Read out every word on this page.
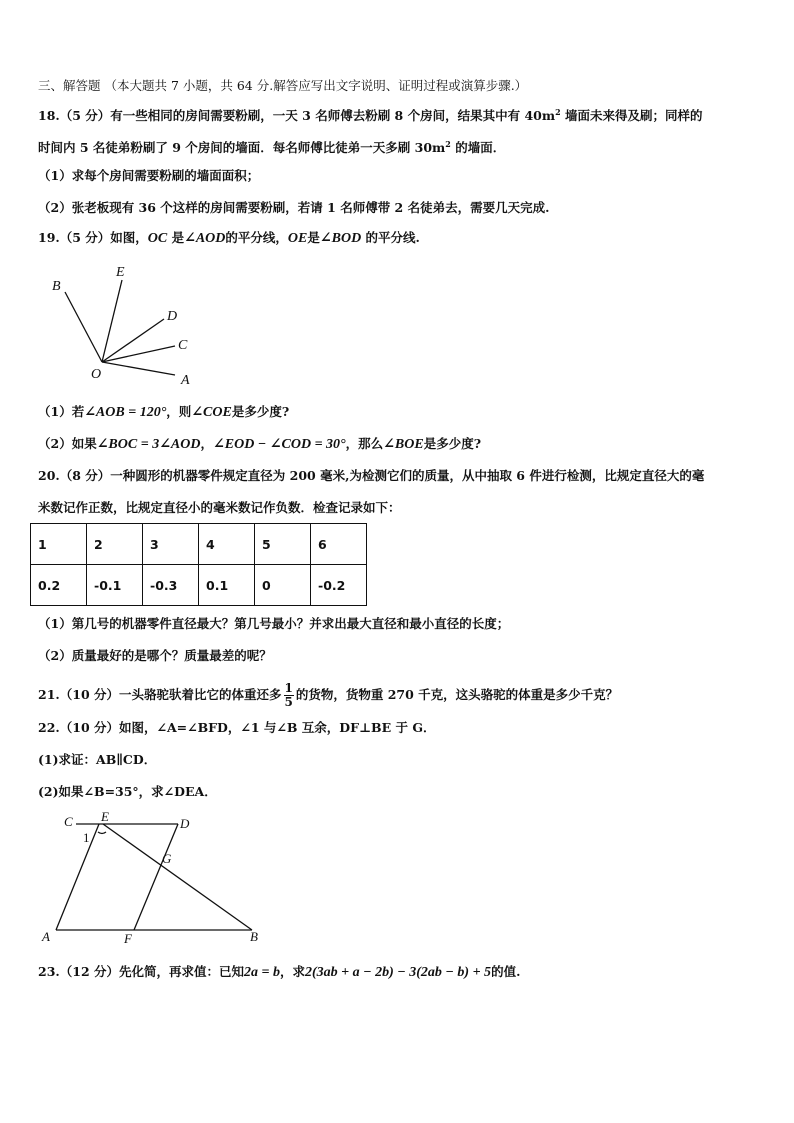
三、解答题 （本大题共 7 小题，共 64 分.解答应写出文字说明、证明过程或演算步骤.）
18.（5 分）有一些相同的房间需要粉刷，一天 3 名师傅去粉刷 8 个房间，结果其中有 $40m^2$ 墙面未来得及刷；同样的
时间内 5 名徒弟粉刷了 9 个房间的墙面．每名师傅比徒弟一天多刷 $30m^2$ 的墙面．
（1）求每个房间需要粉刷的墙面面积；
（2）张老板现有 36 个这样的房间需要粉刷，若请 1 名师傅带 2 名徒弟去，需要几天完成.
19.（5 分）如图，OC 是∠AOD的平分线，OE是∠BOD 的平分线.
B
E
D
C
O	A
（1）若∠AOB = 120°，则∠COE是多少度?
（2）如果∠BOC = 3∠AOD，∠EOD − ∠COD = 30°，那么∠BOE是多少度?
20.（8 分）一种圆形的机器零件规定直径为 200 毫米,为检测它们的质量，从中抽取 6 件进行检测，比规定直径大的毫
米数记作正数，比规定直径小的毫米数记作负数．检查记录如下：
1	2	3	4	5	6
0.2	-0.1	-0.3	0.1	0	-0.2
（1）第几号的机器零件直径最大？第几号最小？并求出最大直径和最小直径的长度；
（2）质量最好的是哪个？质量最差的呢？
21.（10 分）一头骆驼驮着比它的体重还多 $\frac{1}{5}$ 的货物，货物重 270 千克，这头骆驼的体重是多少千克？
22.（10 分）如图，∠A=∠BFD，∠1 与∠B 互余，DF⊥BE 于 G．
(1)求证：AB∥CD．
(2)如果∠B=35°，求∠DEA．
C E	D
1
G
A	F	B
23.（12 分）先化简，再求值：已知2a = b，求2(3ab + a − 2b) − 3(2ab − b) + 5的值.
